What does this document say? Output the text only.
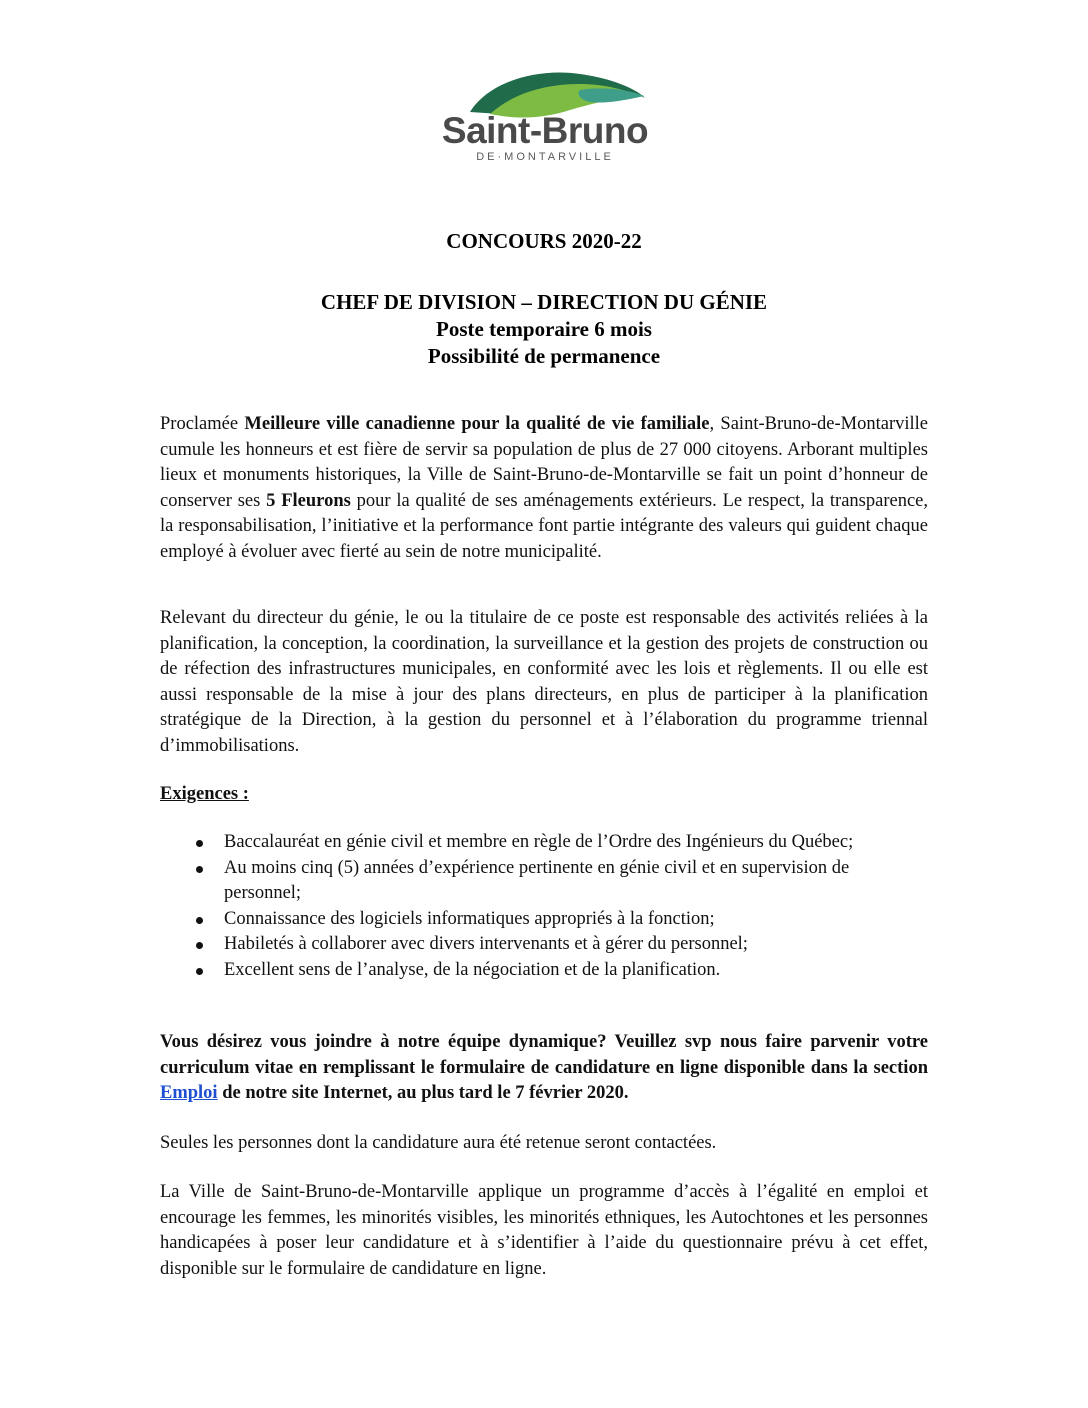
Saint-Bruno
DE·MONTARVILLE
CONCOURS 2020-22
CHEF DE DIVISION – DIRECTION DU GÉNIE
Poste temporaire 6 mois
Possibilité de permanence
Proclamée Meilleure ville canadienne pour la qualité de vie familiale, Saint-Bruno-de-Montarville cumule les honneurs et est fière de servir sa population de plus de 27 000 citoyens. Arborant multiples lieux et monuments historiques, la Ville de Saint-Bruno-de-Montarville se fait un point d’honneur de conserver ses 5 Fleurons pour la qualité de ses aménagements extérieurs. Le respect, la transparence, la responsabilisation, l’initiative et la performance font partie intégrante des valeurs qui guident chaque employé à évoluer avec fierté au sein de notre municipalité.
Relevant du directeur du génie, le ou la titulaire de ce poste est responsable des activités reliées à la planification, la conception, la coordination, la surveillance et la gestion des projets de construction ou de réfection des infrastructures municipales, en conformité avec les lois et règlements. Il ou elle est aussi responsable de la mise à jour des plans directeurs, en plus de participer à la planification stratégique de la Direction, à la gestion du personnel et à l’élaboration du programme triennal d’immobilisations.
Exigences :
Baccalauréat en génie civil et membre en règle de l’Ordre des Ingénieurs du Québec;
Au moins cinq (5) années d’expérience pertinente en génie civil et en supervision de personnel;
Connaissance des logiciels informatiques appropriés à la fonction;
Habiletés à collaborer avec divers intervenants et à gérer du personnel;
Excellent sens de l’analyse, de la négociation et de la planification.
Vous désirez vous joindre à notre équipe dynamique? Veuillez svp nous faire parvenir votre curriculum vitae en remplissant le formulaire de candidature en ligne disponible dans la section Emploi de notre site Internet, au plus tard le 7 février 2020.
Seules les personnes dont la candidature aura été retenue seront contactées.
La Ville de Saint-Bruno-de-Montarville applique un programme d’accès à l’égalité en emploi et encourage les femmes, les minorités visibles, les minorités ethniques, les Autochtones et les personnes handicapées à poser leur candidature et à s’identifier à l’aide du questionnaire prévu à cet effet, disponible sur le formulaire de candidature en ligne.
